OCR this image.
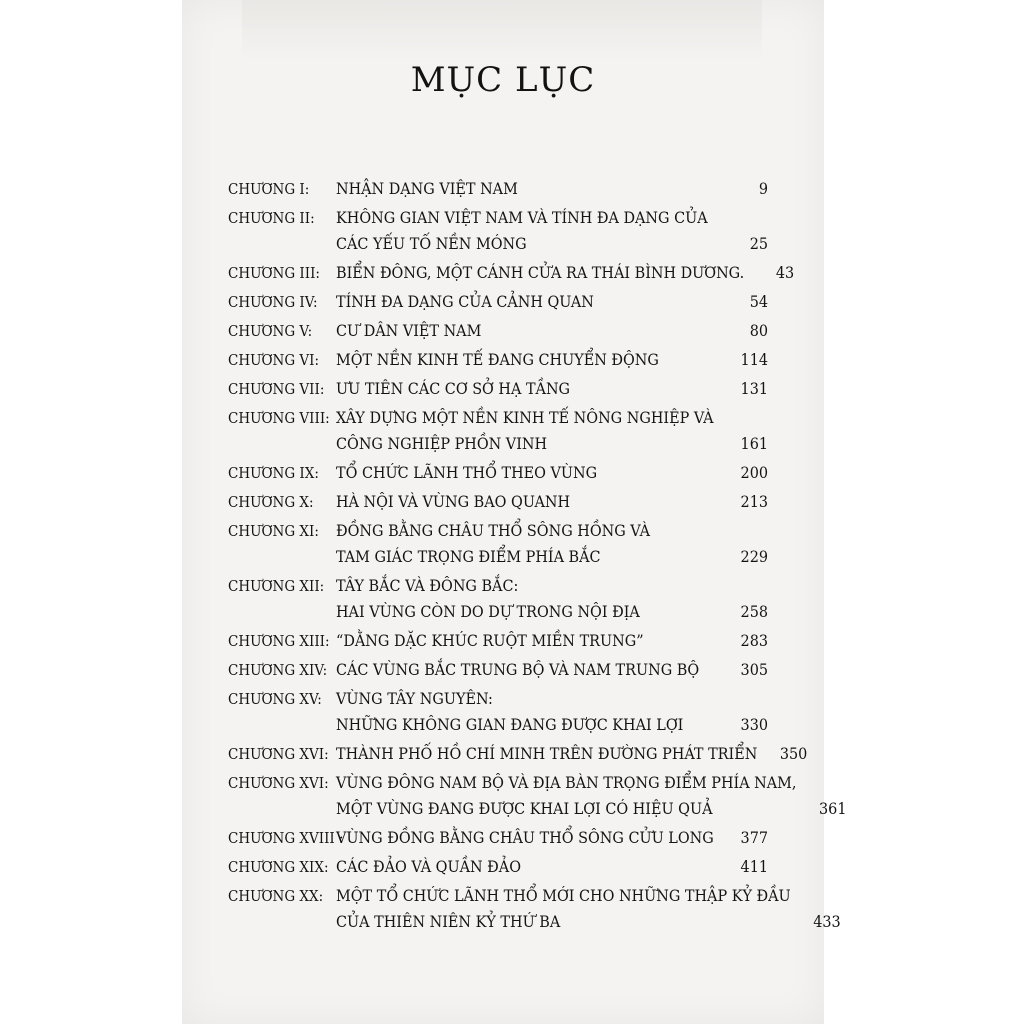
MỤC LỤC
CHƯƠNG I:	NHẬN DẠNG VIỆT NAM	9
CHƯƠNG II:	KHÔNG GIAN VIỆT NAM VÀ TÍNH ĐA DẠNG CỦA
CÁC YẾU TỐ NỀN MÓNG	25
CHƯƠNG III:	BIỂN ĐÔNG, MỘT CÁNH CỬA RA THÁI BÌNH DƯƠNG.	43
CHƯƠNG IV:	TÍNH ĐA DẠNG CỦA CẢNH QUAN	54
CHƯƠNG V:	CƯ DÂN VIỆT NAM	80
CHƯƠNG VI:	MỘT NỀN KINH TẾ ĐANG CHUYỂN ĐỘNG	114
CHƯƠNG VII: ƯU TIÊN CÁC CƠ SỞ HẠ TẦNG	131
CHƯƠNG VIII: XÂY DỰNG MỘT NỀN KINH TẾ NÔNG NGHIỆP VÀ
CÔNG NGHIỆP PHỒN VINH	161
CHƯƠNG IX:	TỔ CHỨC LÃNH THỔ THEO VÙNG	200
CHƯƠNG X:	HÀ NỘI VÀ VÙNG BAO QUANH	213
CHƯƠNG XI:	ĐỒNG BẰNG CHÂU THỔ SÔNG HỒNG VÀ
TAM GIÁC TRỌNG ĐIỂM PHÍA BẮC	229
CHƯƠNG XII: TÂY BẮC VÀ ĐÔNG BẮC:
HAI VÙNG CÒN DO DỰ TRONG NỘI ĐỊA	258
CHƯƠNG XIII: “DẰNG DẶC KHÚC RUỘT MIỀN TRUNG”	283
CHƯƠNG XIV: CÁC VÙNG BẮC TRUNG BỘ VÀ NAM TRUNG BỘ	305
CHƯƠNG XV: VÙNG TÂY NGUYÊN:
NHỮNG KHÔNG GIAN ĐANG ĐƯỢC KHAI LỢI	330
CHƯƠNG XVI: THÀNH PHỐ HỒ CHÍ MINH TRÊN ĐƯỜNG PHÁT TRIỂN	350
CHƯƠNG XVI: VÙNG ĐÔNG NAM BỘ VÀ ĐỊA BÀN TRỌNG ĐIỂM PHÍA NAM,
MỘT VÙNG ĐANG ĐƯỢC KHAI LỢI CÓ HIỆU QUẢ	361
CHƯƠNG XVIII :
VÙNG ĐỒNG BẰNG CHÂU THỔ SÔNG CỬU LONG	377
CHƯƠNG XIX: CÁC ĐẢO VÀ QUẦN ĐẢO	411
CHƯƠNG XX: MỘT TỔ CHỨC LÃNH THỔ MỚI CHO NHỮNG THẬP KỶ ĐẦU
CỦA THIÊN NIÊN KỶ THỨ BA	433
